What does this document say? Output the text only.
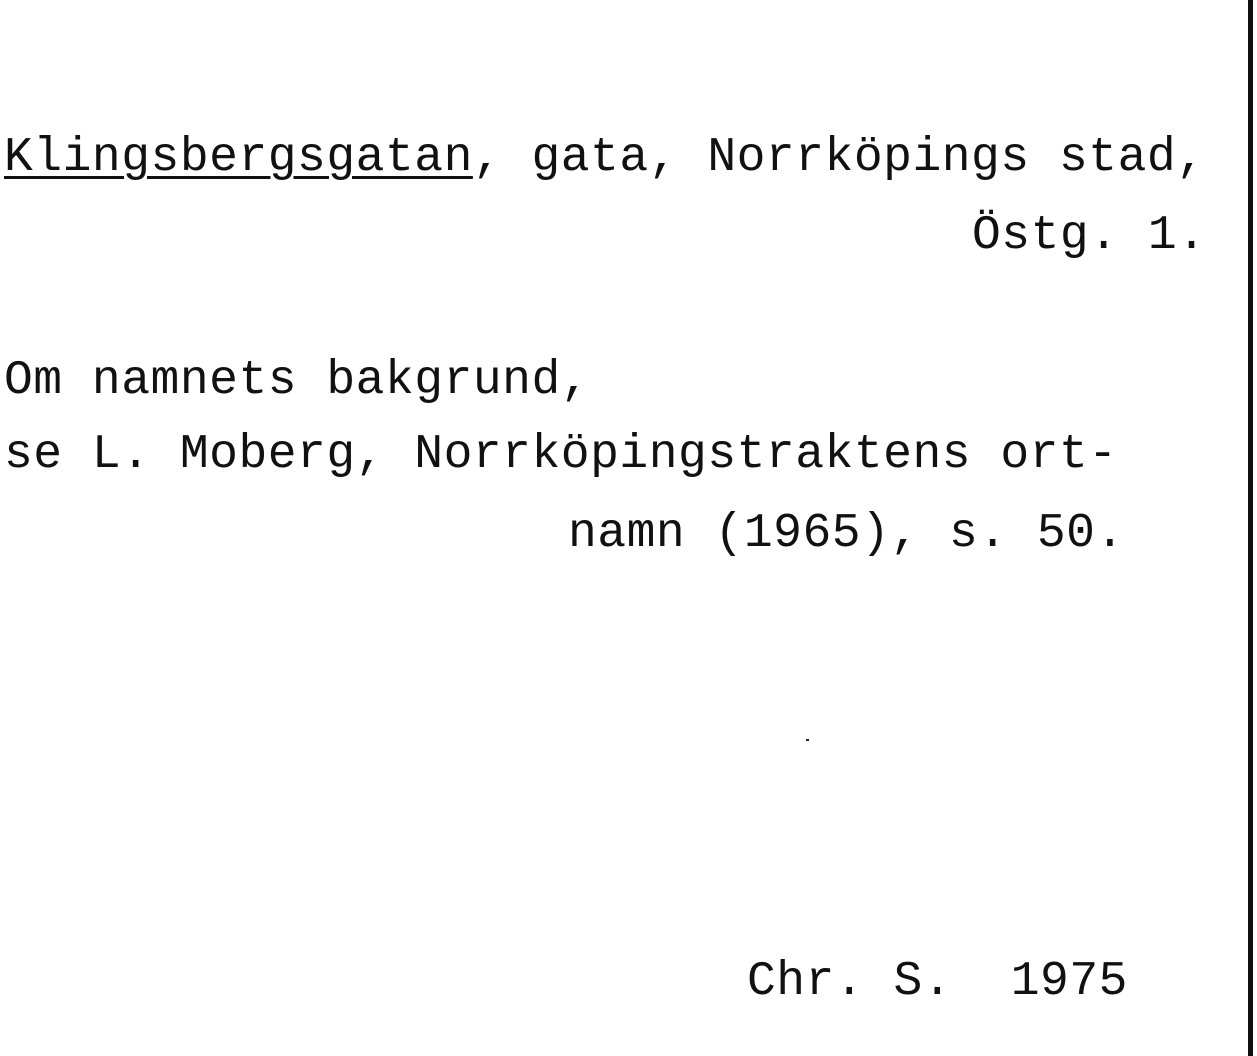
Klingsbergsgatan, gata, Norrköpings stad,
Östg. 1.
Om namnets bakgrund,
se L. Moberg, Norrköpingstraktens ort-
namn (1965), s. 50.
Chr. S.  1975
